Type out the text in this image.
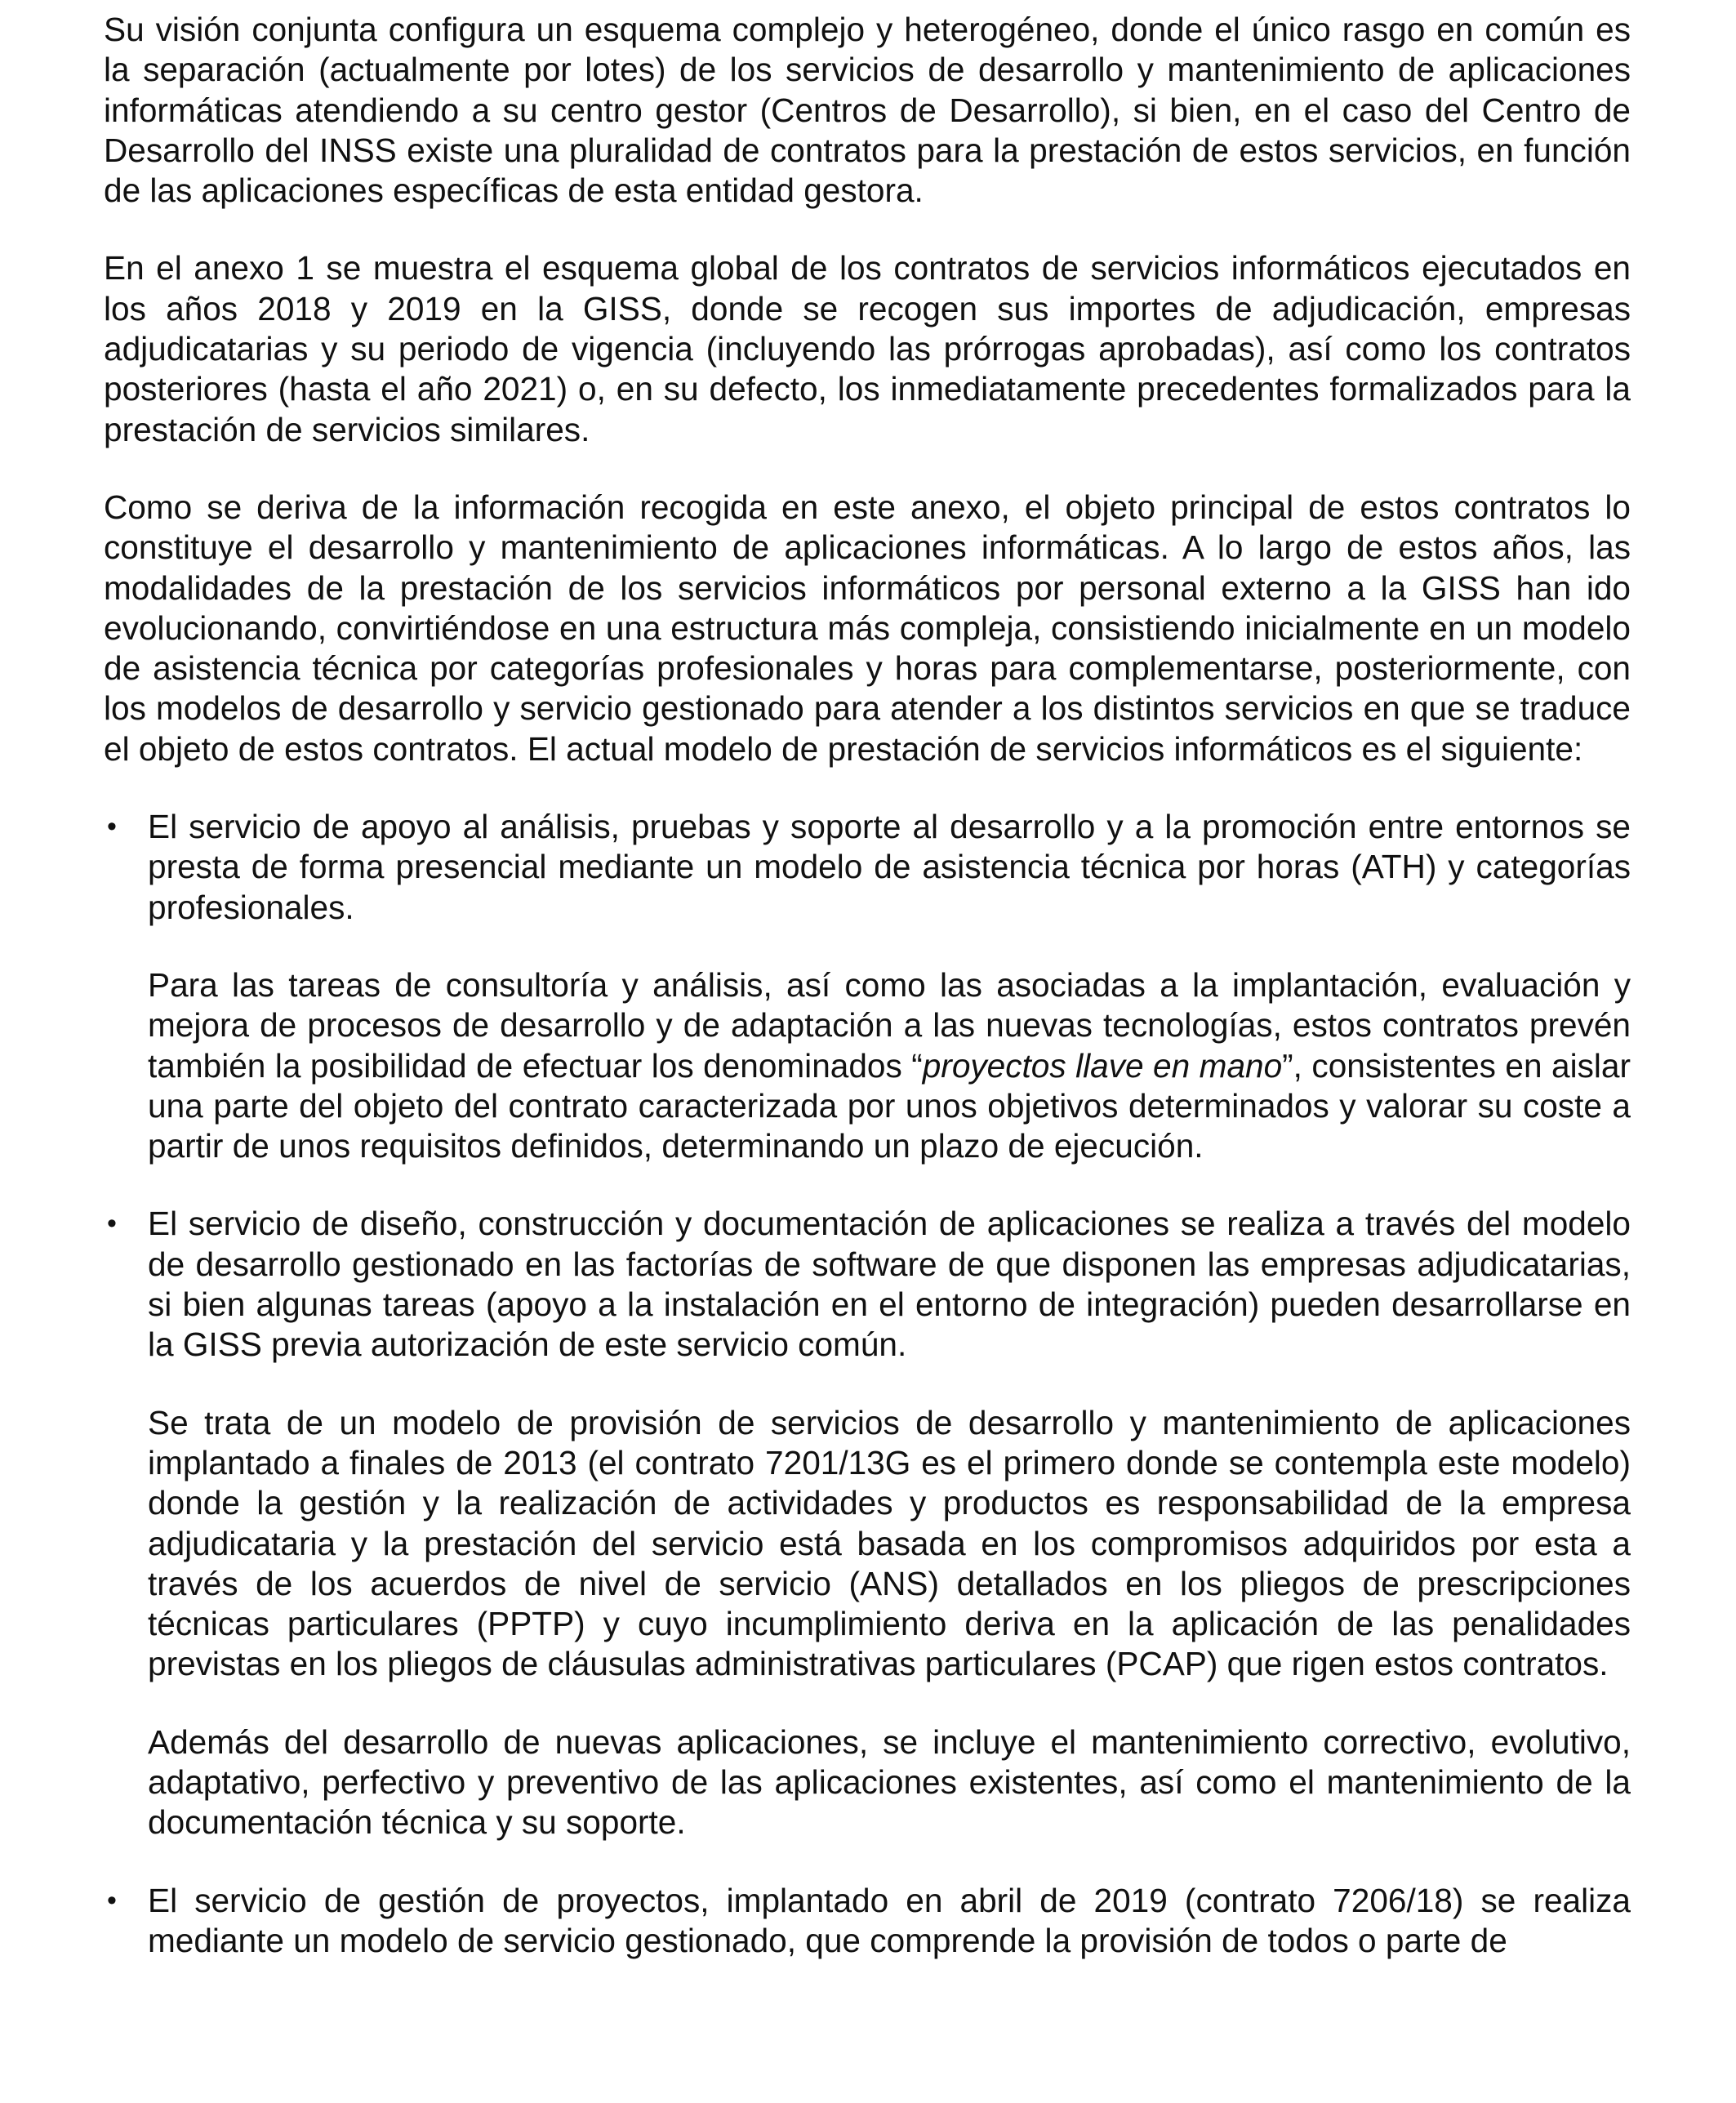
Su visión conjunta configura un esquema complejo y heterogéneo, donde el único rasgo en común es la separación (actualmente por lotes) de los servicios de desarrollo y mantenimiento de aplicaciones informáticas atendiendo a su centro gestor (Centros de Desarrollo), si bien, en el caso del Centro de Desarrollo del INSS existe una pluralidad de contratos para la prestación de estos servicios, en función de las aplicaciones específicas de esta entidad gestora.

En el anexo 1 se muestra el esquema global de los contratos de servicios informáticos ejecutados en los años 2018 y 2019 en la GISS, donde se recogen sus importes de adjudicación, empresas adjudicatarias y su periodo de vigencia (incluyendo las prórrogas aprobadas), así como los contratos posteriores (hasta el año 2021) o, en su defecto, los inmediatamente precedentes formalizados para la prestación de servicios similares.

Como se deriva de la información recogida en este anexo, el objeto principal de estos contratos lo constituye el desarrollo y mantenimiento de aplicaciones informáticas. A lo largo de estos años, las modalidades de la prestación de los servicios informáticos por personal externo a la GISS han ido evolucionando, convirtiéndose en una estructura más compleja, consistiendo inicialmente en un modelo de asistencia técnica por categorías profesionales y horas para complementarse, posteriormente, con los modelos de desarrollo y servicio gestionado para atender a los distintos servicios en que se traduce el objeto de estos contratos. El actual modelo de prestación de servicios informáticos es el siguiente:

• El servicio de apoyo al análisis, pruebas y soporte al desarrollo y a la promoción entre entornos se presta de forma presencial mediante un modelo de asistencia técnica por horas (ATH) y categorías profesionales.

Para las tareas de consultoría y análisis, así como las asociadas a la implantación, evaluación y mejora de procesos de desarrollo y de adaptación a las nuevas tecnologías, estos contratos prevén también la posibilidad de efectuar los denominados “proyectos llave en mano”, consistentes en aislar una parte del objeto del contrato caracterizada por unos objetivos determinados y valorar su coste a partir de unos requisitos definidos, determinando un plazo de ejecución.

• El servicio de diseño, construcción y documentación de aplicaciones se realiza a través del modelo de desarrollo gestionado en las factorías de software de que disponen las empresas adjudicatarias, si bien algunas tareas (apoyo a la instalación en el entorno de integración) pueden desarrollarse en la GISS previa autorización de este servicio común.

Se trata de un modelo de provisión de servicios de desarrollo y mantenimiento de aplicaciones implantado a finales de 2013 (el contrato 7201/13G es el primero donde se contempla este modelo) donde la gestión y la realización de actividades y productos es responsabilidad de la empresa adjudicataria y la prestación del servicio está basada en los compromisos adquiridos por esta a través de los acuerdos de nivel de servicio (ANS) detallados en los pliegos de prescripciones técnicas particulares (PPTP) y cuyo incumplimiento deriva en la aplicación de las penalidades previstas en los pliegos de cláusulas administrativas particulares (PCAP) que rigen estos contratos.

Además del desarrollo de nuevas aplicaciones, se incluye el mantenimiento correctivo, evolutivo, adaptativo, perfectivo y preventivo de las aplicaciones existentes, así como el mantenimiento de la documentación técnica y su soporte.

• El servicio de gestión de proyectos, implantado en abril de 2019 (contrato 7206/18) se realiza mediante un modelo de servicio gestionado, que comprende la provisión de todos o parte de
